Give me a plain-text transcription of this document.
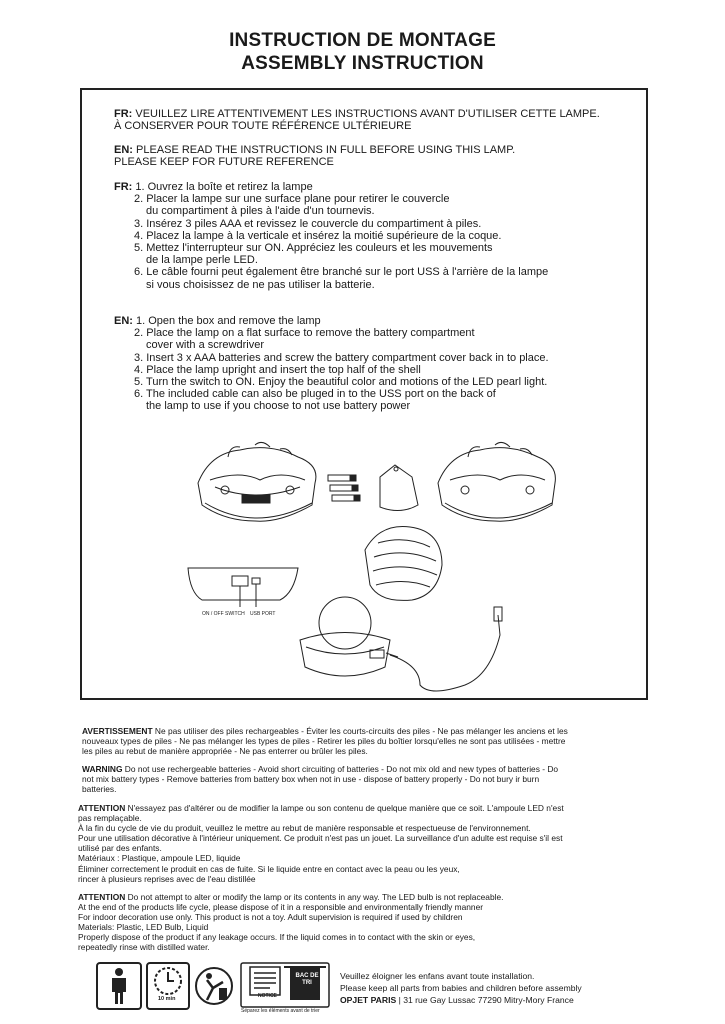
INSTRUCTION DE MONTAGE
ASSEMBLY INSTRUCTION
FR: VEUILLEZ LIRE ATTENTIVEMENT LES INSTRUCTIONS AVANT D'UTILISER CETTE LAMPE.
À CONSERVER POUR TOUTE RÉFÉRENCE ULTÉRIEURE
EN: PLEASE READ THE INSTRUCTIONS IN FULL BEFORE USING THIS LAMP.
PLEASE KEEP FOR FUTURE REFERENCE
FR: 1. Ouvrez la boîte et retirez la lampe
2. Placer la lampe sur une surface plane pour retirer le couvercle
du compartiment à piles à l'aide d'un tournevis.
3. Insérez 3 piles AAA et revissez le couvercle du compartiment à piles.
4. Placez la lampe à la verticale et insérez la moitié supérieure de la coque.
5. Mettez l'interrupteur sur ON. Appréciez les couleurs et les mouvements
de la lampe perle LED.
6. Le câble fourni peut également être branché sur le port USS à l'arrière de la lampe
si vous choisissez de ne pas utiliser la batterie.
EN: 1. Open the box and remove the lamp
2. Place the lamp on a flat surface to remove the battery compartment
cover with a screwdriver
3. Insert 3 x AAA batteries and screw the battery compartment cover back in to place.
4. Place the lamp upright and insert the top half of the shell
5. Turn the switch to ON. Enjoy the beautiful color and motions of the LED pearl light.
6. The included cable can also be pluged in to the USS port on the back of
the lamp to use if you choose to not use battery power
ON / OFF SWITCH USB PORT
AVERTISSEMENT Ne pas utiliser des piles rechargeables - Éviter les courts-circuits des piles - Ne pas mélanger les anciens et les
nouveaux types de piles - Ne pas mélanger les types de piles - Retirer les piles du boîtier lorsqu'elles ne sont pas utilisées - mettre
les piles au rebut de manière appropriée - Ne pas enterrer ou brûler les piles.
WARNING Do not use rechergeable batteries - Avoid short circuiting of batteries - Do not mix old and new types of batteries - Do
not mix battery types - Remove batteries from battery box when not in use - dispose of battery properly - Do not bury ir burn
batteries.
ATTENTION N'essayez pas d'altérer ou de modifier la lampe ou son contenu de quelque manière que ce soit. L'ampoule LED n'est
pas remplaçable.
À la fin du cycle de vie du produit, veuillez le mettre au rebut de manière responsable et respectueuse de l'environnement.
Pour une utilisation décorative à l'intérieur uniquement. Ce produit n'est pas un jouet. La surveillance d'un adulte est requise s'il est
utilisé par des enfants.
Matériaux : Plastique, ampoule LED, liquide
Éliminer correctement le produit en cas de fuite. Si le liquide entre en contact avec la peau ou les yeux,
rincer à plusieurs reprises avec de l'eau distillée
ATTENTION Do not attempt to alter or modify the lamp or its contents in any way. The LED bulb is not replaceable.
At the end of the products life cycle, please dispose of it in a responsible and environmentally friendly manner
For indoor decoration use only. This product is not a toy. Adult supervision is required if used by children
Materials: Plastic, LED Bulb, Liquid
Properly dispose of the product if any leakage occurs. If the liquid comes in to contact with the skin or eyes,
repeatedly rinse with distilled water.
10 min	NOTICE
BAC DE TRI
Séparez les éléments avant de trier
Veuillez éloigner les enfans avant toute installation.
Please keep all parts from babies and children before assembly
OPJET PARIS | 31 rue Gay Lussac 77290 Mitry-Mory France
